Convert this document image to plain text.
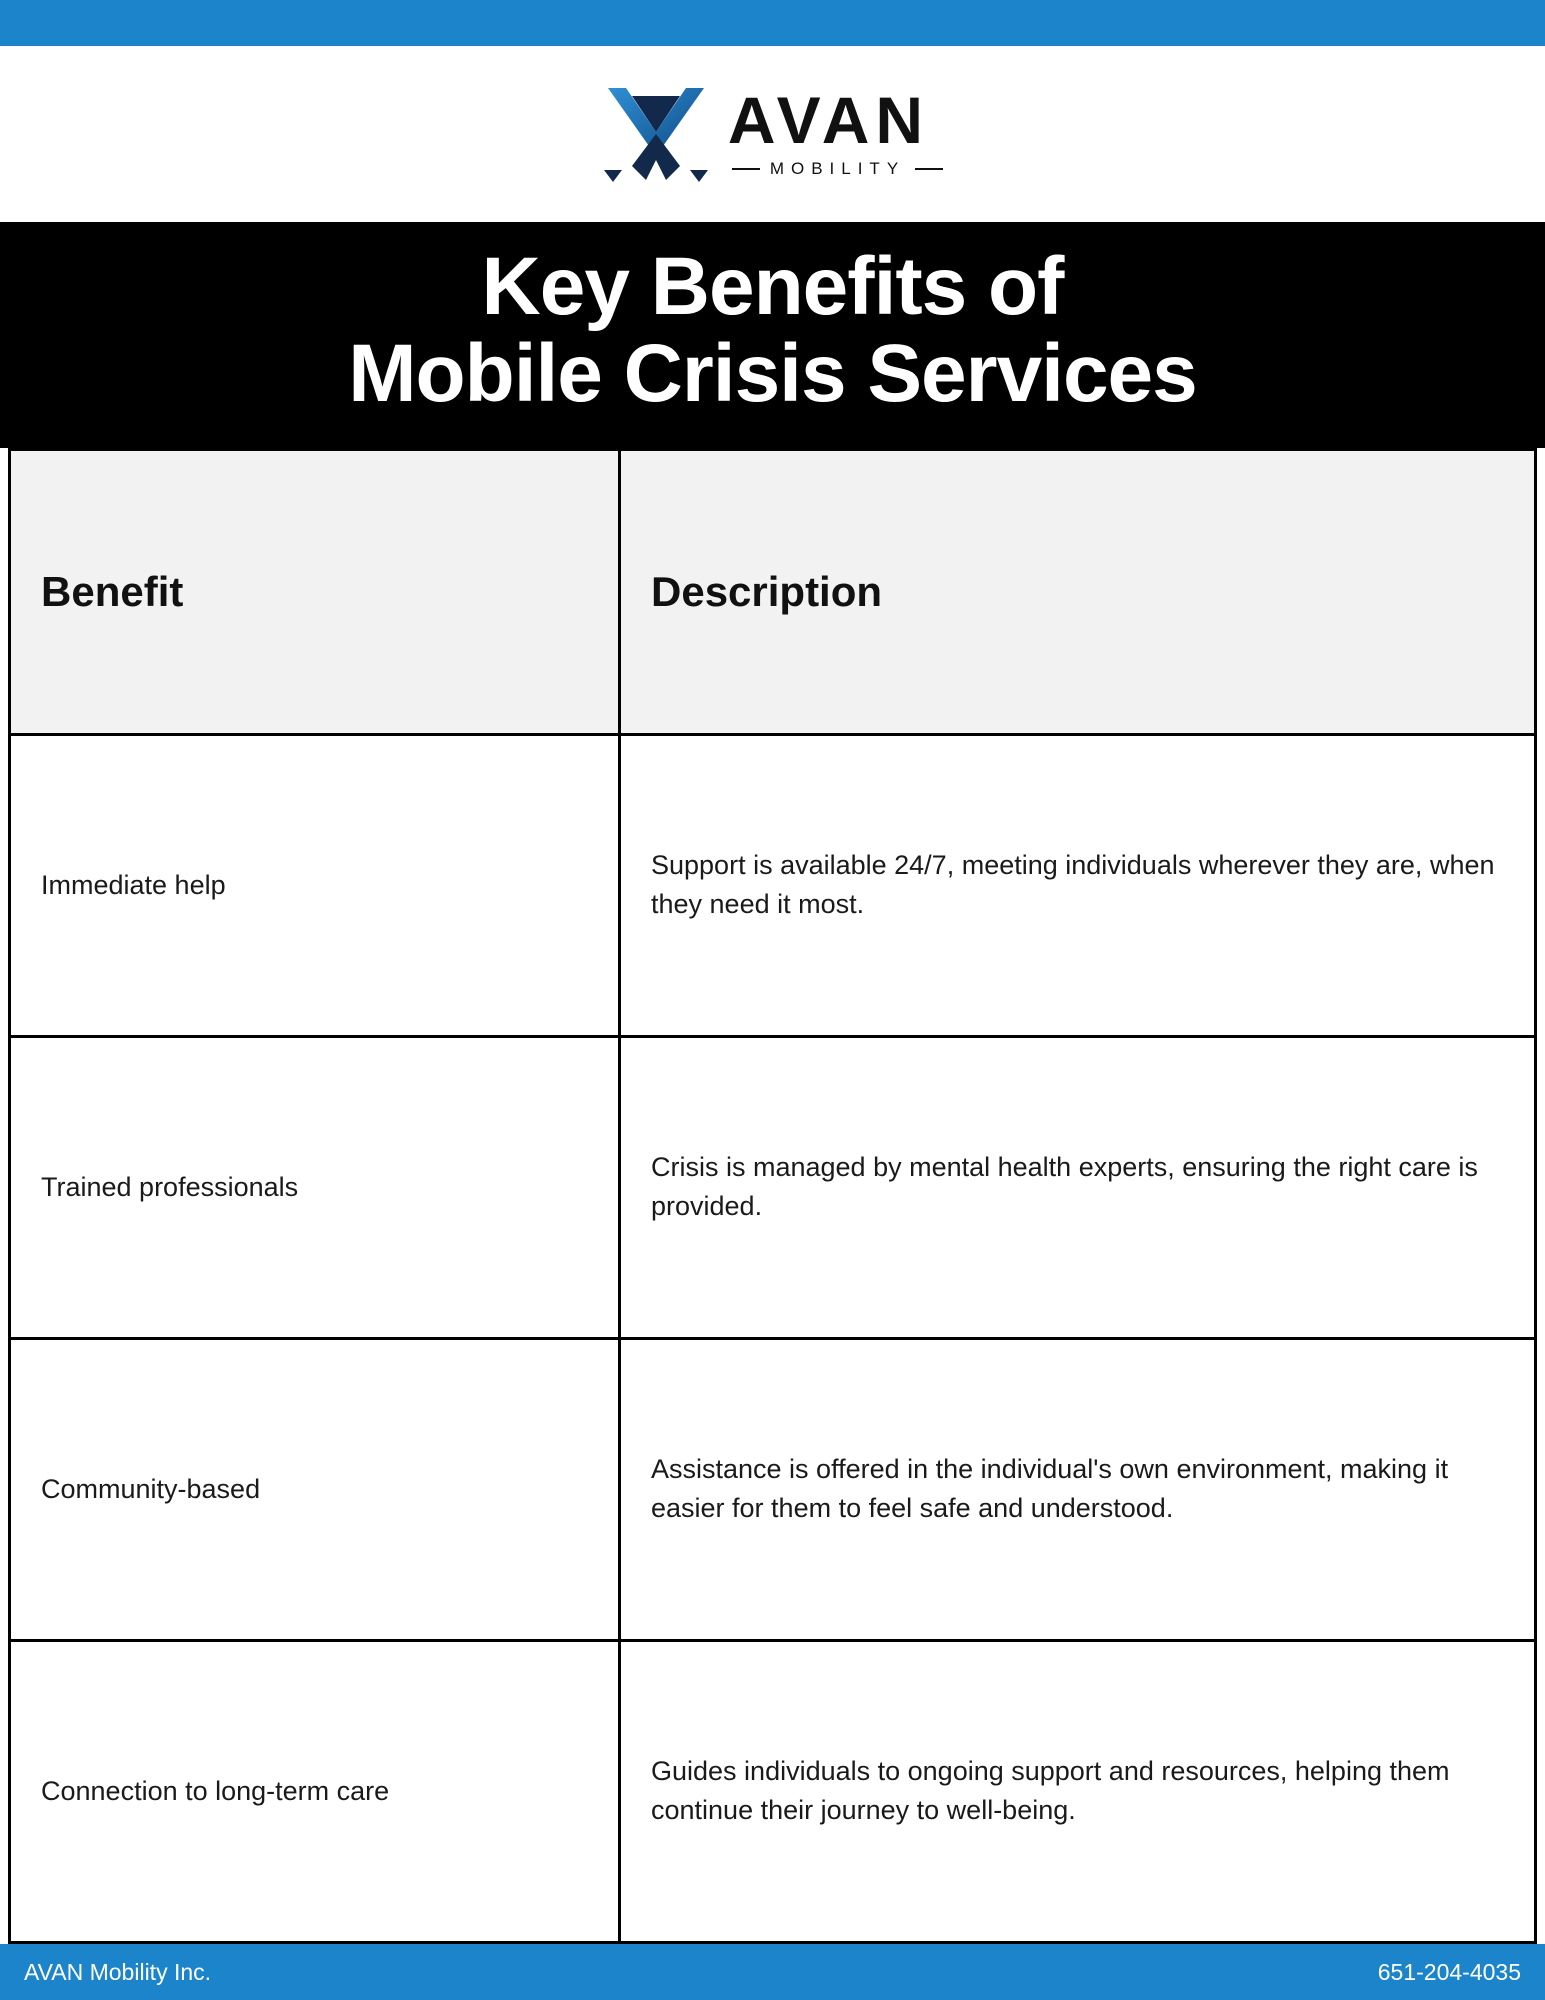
AVAN
MOBILITY
Key Benefits of
Mobile Crisis Services
Benefit	Description
Immediate help
Support is available 24/7, meeting individuals wherever they are, when they need it most.
Trained professionals
Crisis is managed by mental health experts, ensuring the right care is provided.
Community-based
Assistance is offered in the individual's own environment, making it easier for them to feel safe and understood.
Connection to long-term care
Guides individuals to ongoing support and resources, helping them continue their journey to well-being.
AVAN Mobility Inc.	651-204-4035
